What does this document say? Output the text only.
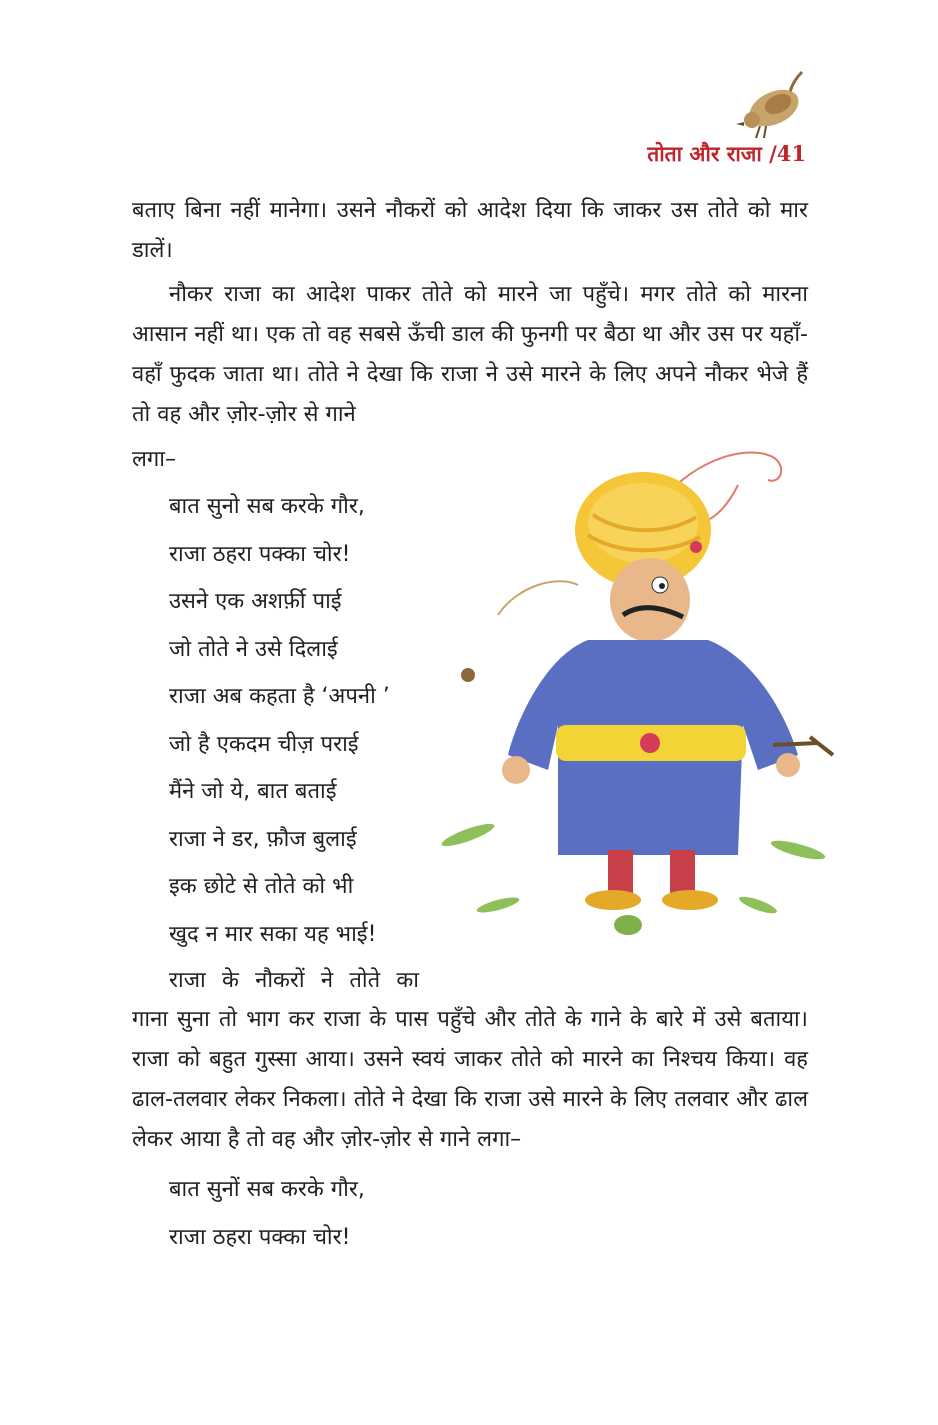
तोता और राजा /41

बताए बिना नहीं मानेगा। उसने नौकरों को आदेश दिया कि जाकर उस तोते को मार डालें।

नौकर राजा का आदेश पाकर तोते को मारने जा पहुँचे। मगर तोते को मारना आसान नहीं था। एक तो वह सबसे ऊँची डाल की फुनगी पर बैठा था और उस पर यहाँ-वहाँ फुदक जाता था। तोते ने देखा कि राजा ने उसे मारने के लिए अपने नौकर भेजे हैं तो वह और ज़ोर-ज़ोर से गाने

लगा–
बात सुनो सब करके गौर,
राजा ठहरा पक्का चोर!
उसने एक अशर्फ़ी पाई
जो तोते ने उसे दिलाई
राजा अब कहता है ‘अपनी ’
जो है एकदम चीज़ पराई
मैंने जो ये, बात बताई
राजा ने डर, फ़ौज बुलाई
इक छोटे से तोते को भी
खुद न मार सका यह भाई!
राजा के नौकरों ने तोते का

गाना सुना तो भाग कर राजा के पास पहुँचे और तोते के गाने के बारे में उसे बताया। राजा को बहुत गुस्सा आया। उसने स्वयं जाकर तोते को मारने का निश्चय किया। वह ढाल-तलवार लेकर निकला। तोते ने देखा कि राजा उसे मारने के लिए तलवार और ढाल लेकर आया है तो वह और ज़ोर-ज़ोर से गाने लगा–

बात सुनों सब करके गौर,
राजा ठहरा पक्का चोर!
